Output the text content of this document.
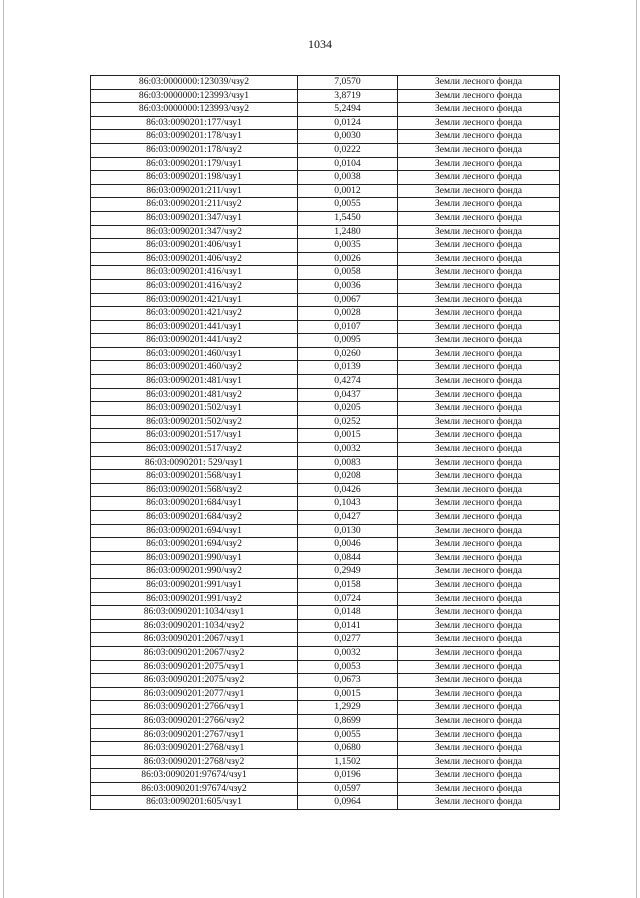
1034
86:03:0000000:123039/чзу2	7,0570	Земли лесного фонда
86:03:0000000:123993/чзу1	3,8719	Земли лесного фонда
86:03:0000000:123993/чзу2	5,2494	Земли лесного фонда
86:03:0090201:177/чзу1	0,0124	Земли лесного фонда
86:03:0090201:178/чзу1	0,0030	Земли лесного фонда
86:03:0090201:178/чзу2	0,0222	Земли лесного фонда
86:03:0090201:179/чзу1	0,0104	Земли лесного фонда
86:03:0090201:198/чзу1	0,0038	Земли лесного фонда
86:03:0090201:211/чзу1	0,0012	Земли лесного фонда
86:03:0090201:211/чзу2	0,0055	Земли лесного фонда
86:03:0090201:347/чзу1	1,5450	Земли лесного фонда
86:03:0090201:347/чзу2	1,2480	Земли лесного фонда
86:03:0090201:406/чзу1	0,0035	Земли лесного фонда
86:03:0090201:406/чзу2	0,0026	Земли лесного фонда
86:03:0090201:416/чзу1	0,0058	Земли лесного фонда
86:03:0090201:416/чзу2	0,0036	Земли лесного фонда
86:03:0090201:421/чзу1	0,0067	Земли лесного фонда
86:03:0090201:421/чзу2	0,0028	Земли лесного фонда
86:03:0090201:441/чзу1	0,0107	Земли лесного фонда
86:03:0090201:441/чзу2	0,0095	Земли лесного фонда
86:03:0090201:460/чзу1	0,0260	Земли лесного фонда
86:03:0090201:460/чзу2	0,0139	Земли лесного фонда
86:03:0090201:481/чзу1	0,4274	Земли лесного фонда
86:03:0090201:481/чзу2	0,0437	Земли лесного фонда
86:03:0090201:502/чзу1	0,0205	Земли лесного фонда
86:03:0090201:502/чзу2	0,0252	Земли лесного фонда
86:03:0090201:517/чзу1	0,0015	Земли лесного фонда
86:03:0090201:517/чзу2	0,0032	Земли лесного фонда
86:03:0090201: 529/чзу1	0,0083	Земли лесного фонда
86:03:0090201:568/чзу1	0,0208	Земли лесного фонда
86:03:0090201:568/чзу2	0,0426	Земли лесного фонда
86:03:0090201:684/чзу1	0,1043	Земли лесного фонда
86:03:0090201:684/чзу2	0,0427	Земли лесного фонда
86:03:0090201:694/чзу1	0,0130	Земли лесного фонда
86:03:0090201:694/чзу2	0,0046	Земли лесного фонда
86:03:0090201:990/чзу1	0,0844	Земли лесного фонда
86:03:0090201:990/чзу2	0,2949	Земли лесного фонда
86:03:0090201:991/чзу1	0,0158	Земли лесного фонда
86:03:0090201:991/чзу2	0,0724	Земли лесного фонда
86:03:0090201:1034/чзу1	0,0148	Земли лесного фонда
86:03:0090201:1034/чзу2	0,0141	Земли лесного фонда
86:03:0090201:2067/чзу1	0,0277	Земли лесного фонда
86:03:0090201:2067/чзу2	0,0032	Земли лесного фонда
86:03:0090201:2075/чзу1	0,0053	Земли лесного фонда
86:03:0090201:2075/чзу2	0,0673	Земли лесного фонда
86:03:0090201:2077/чзу1	0,0015	Земли лесного фонда
86:03:0090201:2766/чзу1	1,2929	Земли лесного фонда
86:03:0090201:2766/чзу2	0,8699	Земли лесного фонда
86:03:0090201:2767/чзу1	0,0055	Земли лесного фонда
86:03:0090201:2768/чзу1	0,0680	Земли лесного фонда
86:03:0090201:2768/чзу2	1,1502	Земли лесного фонда
86:03:0090201:97674/чзу1	0,0196	Земли лесного фонда
86:03:0090201:97674/чзу2	0,0597	Земли лесного фонда
86:03:0090201:605/чзу1	0,0964	Земли лесного фонда
